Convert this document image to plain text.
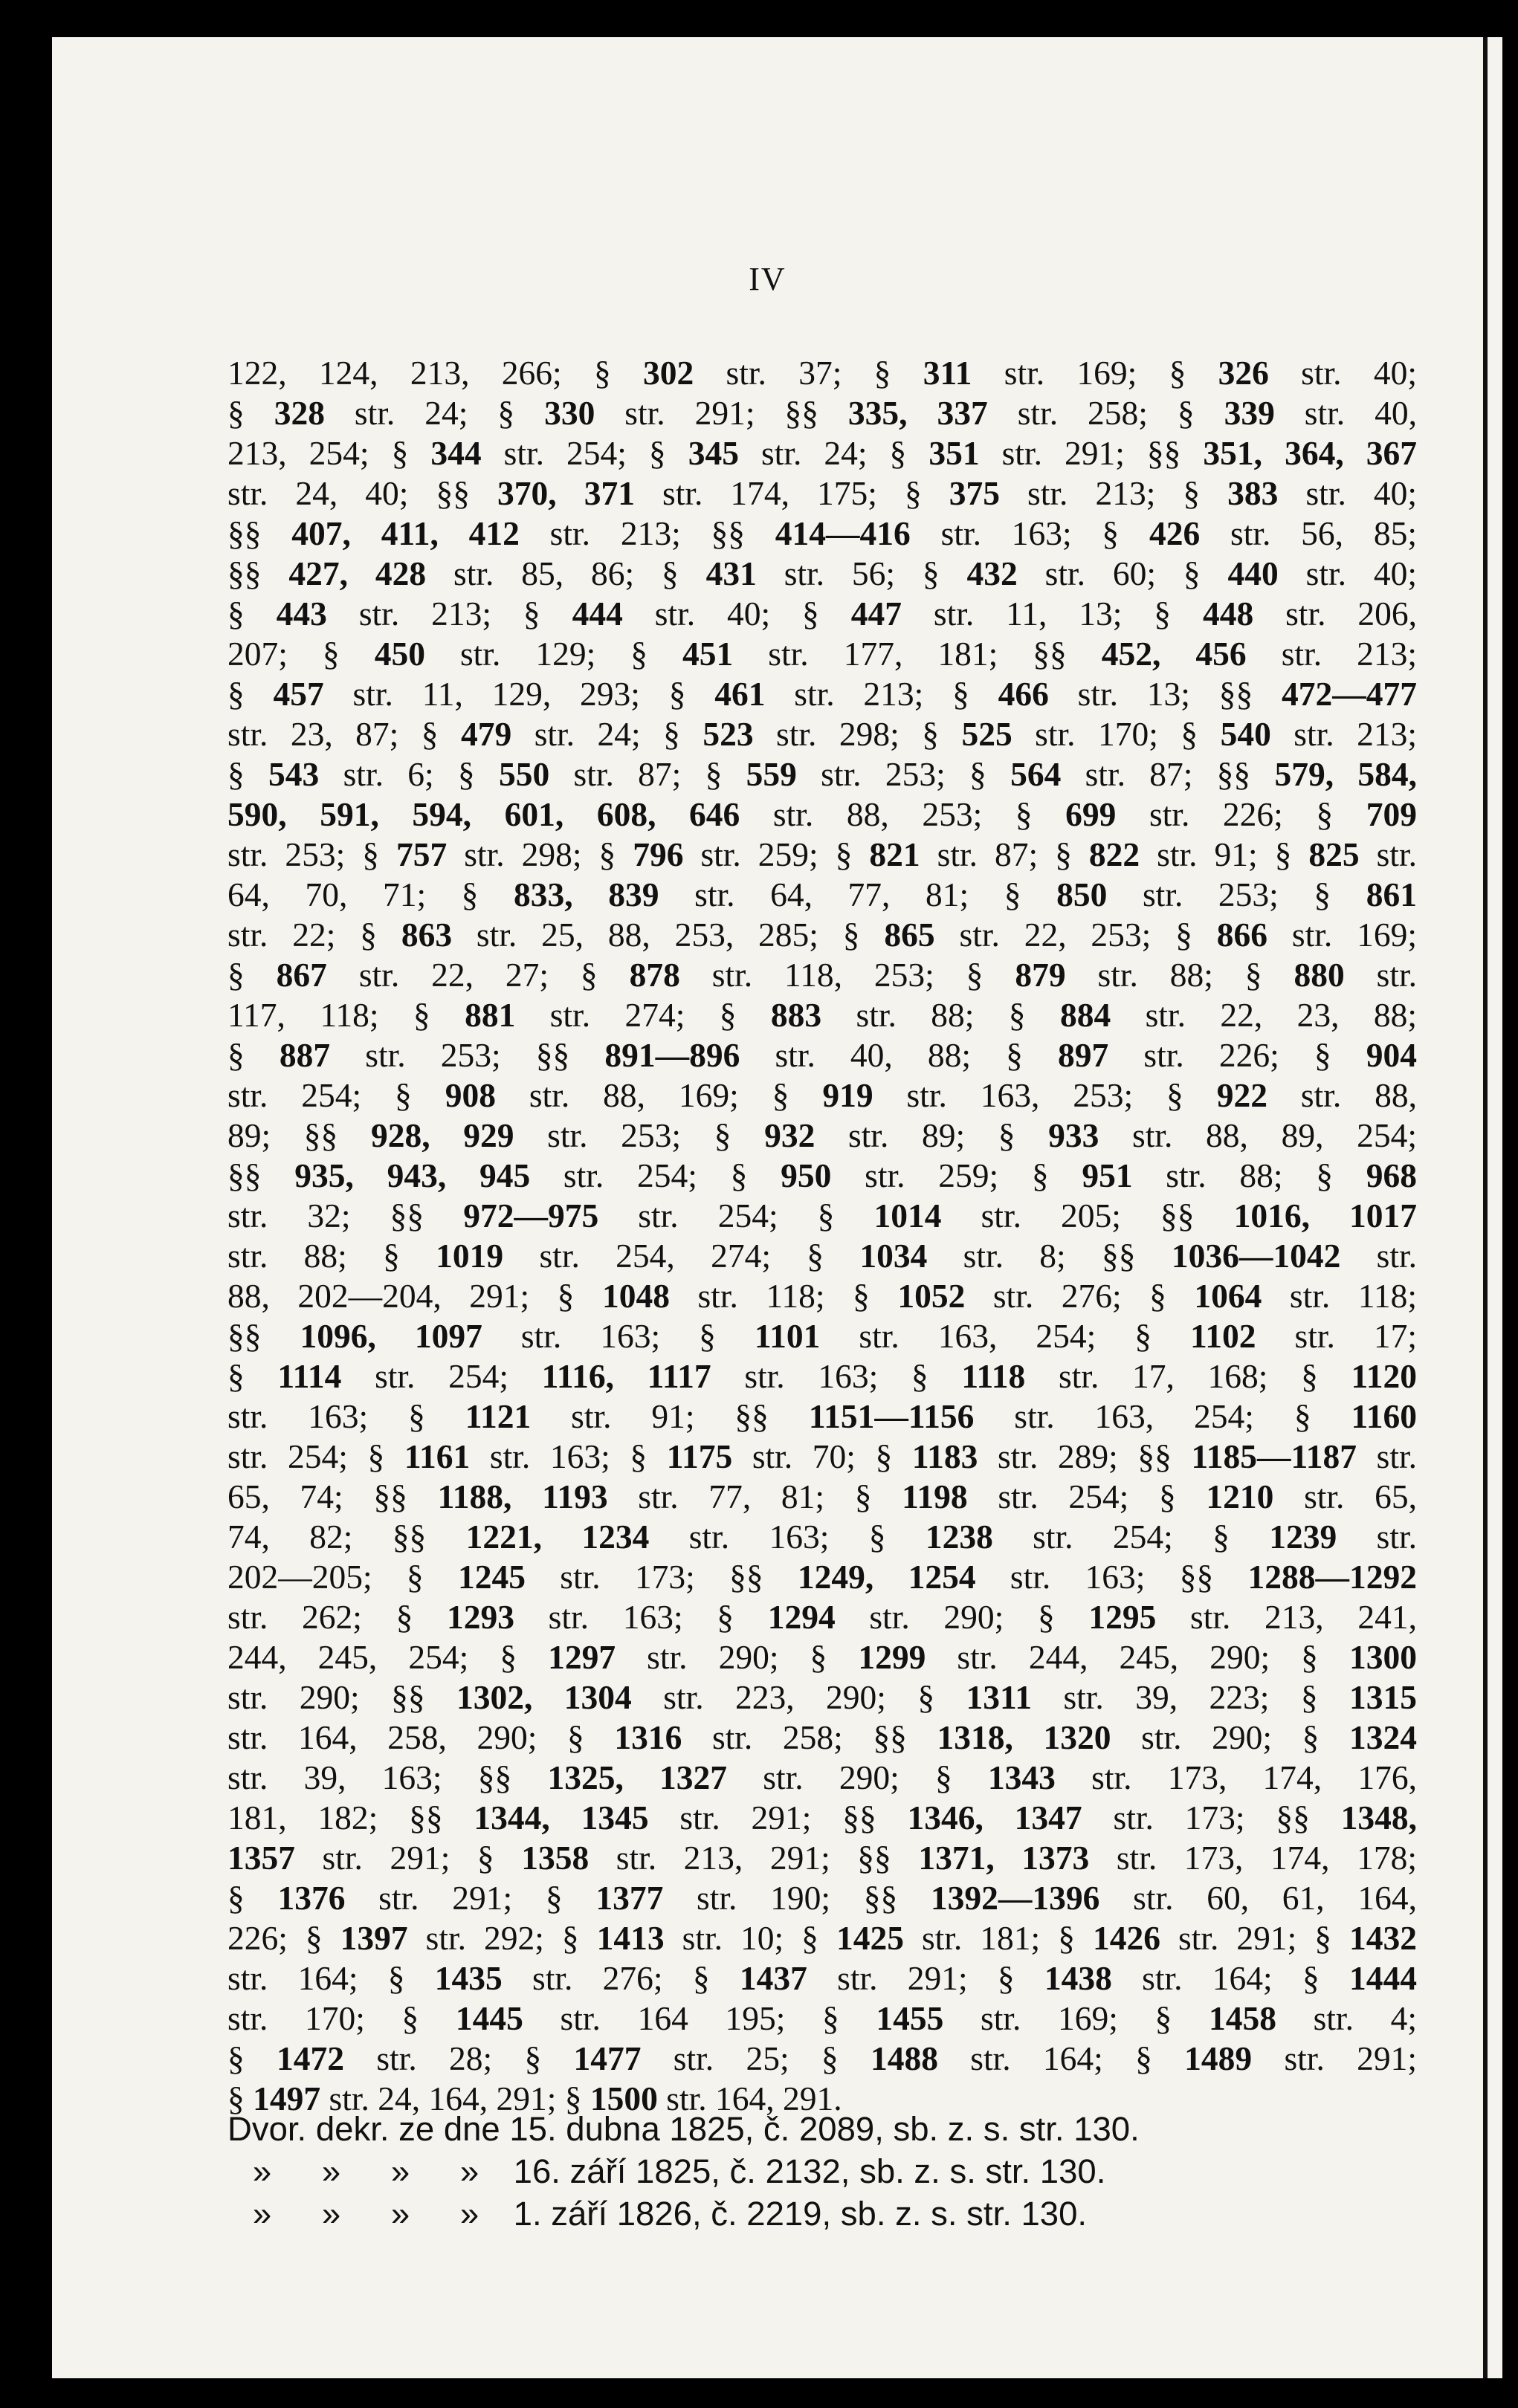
IV
122, 124, 213, 266; § 302 str. 37; § 311 str. 169; § 326 str. 40;
§ 328 str. 24; § 330 str. 291; §§ 335, 337 str. 258; § 339 str. 40,
213, 254; § 344 str. 254; § 345 str. 24; § 351 str. 291; §§ 351, 364, 367
str. 24, 40; §§ 370, 371 str. 174, 175; § 375 str. 213; § 383 str. 40;
§§ 407, 411, 412 str. 213; §§ 414—416 str. 163; § 426 str. 56, 85;
§§ 427, 428 str. 85, 86; § 431 str. 56; § 432 str. 60; § 440 str. 40;
§ 443 str. 213; § 444 str. 40; § 447 str. 11, 13; § 448 str. 206,
207; § 450 str. 129; § 451 str. 177, 181; §§ 452, 456 str. 213;
§ 457 str. 11, 129, 293; § 461 str. 213; § 466 str. 13; §§ 472—477
str. 23, 87; § 479 str. 24; § 523 str. 298; § 525 str. 170; § 540 str. 213;
§ 543 str. 6; § 550 str. 87; § 559 str. 253; § 564 str. 87; §§ 579, 584,
590, 591, 594, 601, 608, 646 str. 88, 253; § 699 str. 226; § 709
str. 253; § 757 str. 298; § 796 str. 259; § 821 str. 87; § 822 str. 91; § 825 str.
64, 70, 71; § 833, 839 str. 64, 77, 81; § 850 str. 253; § 861
str. 22; § 863 str. 25, 88, 253, 285; § 865 str. 22, 253; § 866 str. 169;
§ 867 str. 22, 27; § 878 str. 118, 253; § 879 str. 88; § 880 str.
117, 118; § 881 str. 274; § 883 str. 88; § 884 str. 22, 23, 88;
§ 887 str. 253; §§ 891—896 str. 40, 88; § 897 str. 226; § 904
str. 254; § 908 str. 88, 169; § 919 str. 163, 253; § 922 str. 88,
89; §§ 928, 929 str. 253; § 932 str. 89; § 933 str. 88, 89, 254;
§§ 935, 943, 945 str. 254; § 950 str. 259; § 951 str. 88; § 968
str. 32; §§ 972—975 str. 254; § 1014 str. 205; §§ 1016, 1017
str. 88; § 1019 str. 254, 274; § 1034 str. 8; §§ 1036—1042 str.
88, 202—204, 291; § 1048 str. 118; § 1052 str. 276; § 1064 str. 118;
§§ 1096, 1097 str. 163; § 1101 str. 163, 254; § 1102 str. 17;
§ 1114 str. 254; 1116, 1117 str. 163; § 1118 str. 17, 168; § 1120
str. 163; § 1121 str. 91; §§ 1151—1156 str. 163, 254; § 1160
str. 254; § 1161 str. 163; § 1175 str. 70; § 1183 str. 289; §§ 1185—1187 str.
65, 74; §§ 1188, 1193 str. 77, 81; § 1198 str. 254; § 1210 str. 65,
74, 82; §§ 1221, 1234 str. 163; § 1238 str. 254; § 1239 str.
202—205; § 1245 str. 173; §§ 1249, 1254 str. 163; §§ 1288—1292
str. 262; § 1293 str. 163; § 1294 str. 290; § 1295 str. 213, 241,
244, 245, 254; § 1297 str. 290; § 1299 str. 244, 245, 290; § 1300
str. 290; §§ 1302, 1304 str. 223, 290; § 1311 str. 39, 223; § 1315
str. 164, 258, 290; § 1316 str. 258; §§ 1318, 1320 str. 290; § 1324
str. 39, 163; §§ 1325, 1327 str. 290; § 1343 str. 173, 174, 176,
181, 182; §§ 1344, 1345 str. 291; §§ 1346, 1347 str. 173; §§ 1348,
1357 str. 291; § 1358 str. 213, 291; §§ 1371, 1373 str. 173, 174, 178;
§ 1376 str. 291; § 1377 str. 190; §§ 1392—1396 str. 60, 61, 164,
226; § 1397 str. 292; § 1413 str. 10; § 1425 str. 181; § 1426 str. 291; § 1432
str. 164; § 1435 str. 276; § 1437 str. 291; § 1438 str. 164; § 1444
str. 170; § 1445 str. 164 195; § 1455 str. 169; § 1458 str. 4;
§ 1472 str. 28; § 1477 str. 25; § 1488 str. 164; § 1489 str. 291;
§ 1497 str. 24, 164, 291; § 1500 str. 164, 291.
Dvor. dekr. ze dne 15. dubna 1825, č. 2089, sb. z. s. str. 130.
» » » » 16. září 1825, č. 2132, sb. z. s. str. 130.
» » » » 1. září 1826, č. 2219, sb. z. s. str. 130.
